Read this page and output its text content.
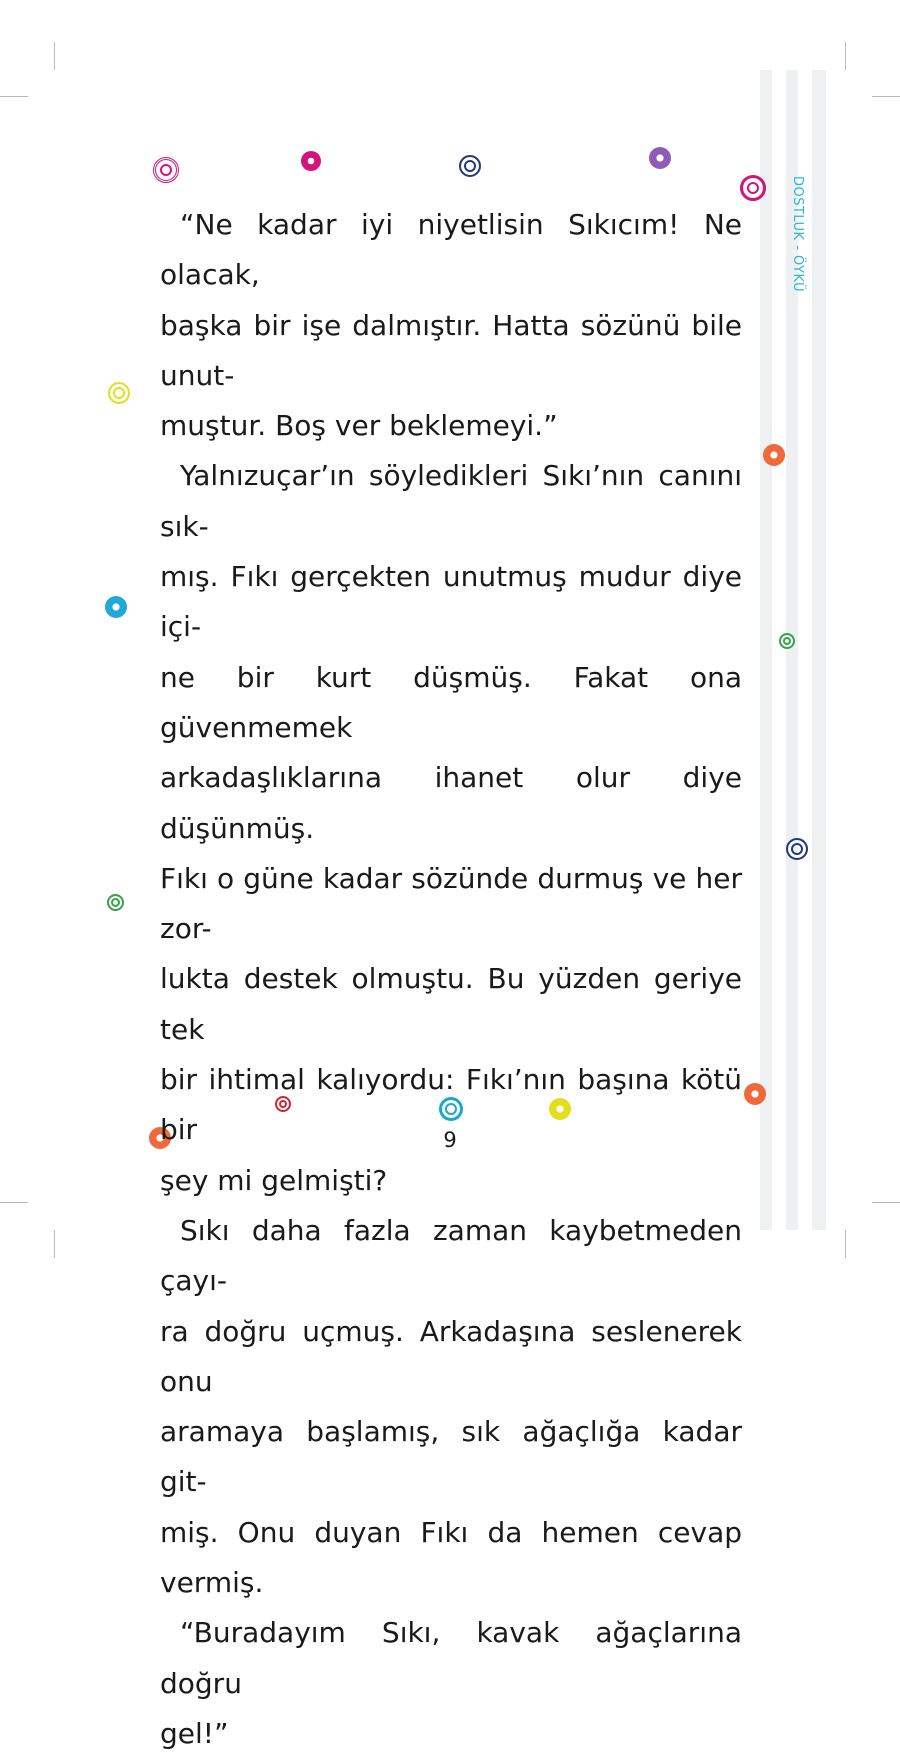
DOSTLUK - ÖYKÜ

“Ne kadar iyi niyetlisin Sıkıcım! Ne olacak,
başka bir işe dalmıştır. Hatta sözünü bile unut-
muştur. Boş ver beklemeyi.”

Yalnızuçar’ın söyledikleri Sıkı’nın canını sık-
mış. Fıkı gerçekten unutmuş mudur diye içi-
ne bir kurt düşmüş. Fakat ona güvenmemek
arkadaşlıklarına ihanet olur diye düşünmüş.
Fıkı o güne kadar sözünde durmuş ve her zor-
lukta destek olmuştu. Bu yüzden geriye tek
bir ihtimal kalıyordu: Fıkı’nın başına kötü bir
şey mi gelmişti?

Sıkı daha fazla zaman kaybetmeden çayı-
ra doğru uçmuş. Arkadaşına seslenerek onu
aramaya başlamış, sık ağaçlığa kadar git-
miş. Onu duyan Fıkı da hemen cevap vermiş.

“Buradayım Sıkı, kavak ağaçlarına doğru
gel!”

9
